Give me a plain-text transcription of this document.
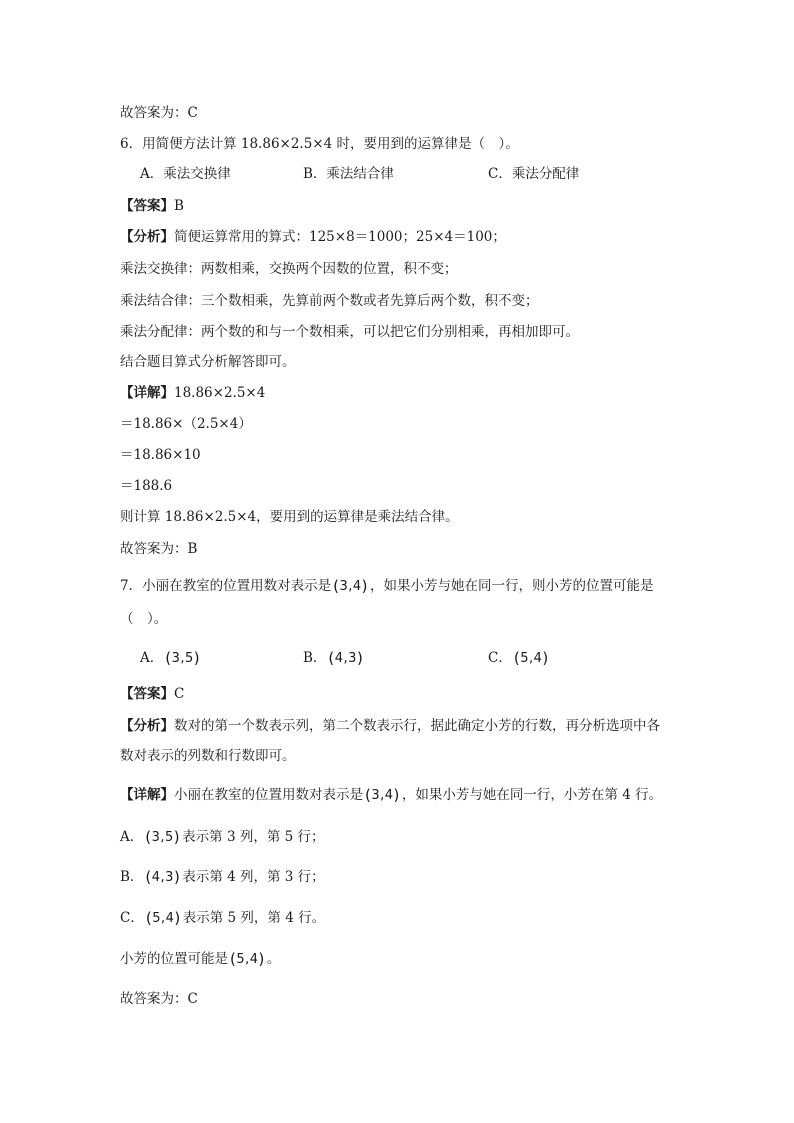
故答案为：C
6．用简便方法计算 18.86×2.5×4 时，要用到的运算律是（　）。
A．乘法交换律	B．乘法结合律	C．乘法分配律
【答案】B
【分析】简便运算常用的算式：125×8＝1000；25×4＝100；
乘法交换律：两数相乘，交换两个因数的位置，积不变；
乘法结合律：三个数相乘，先算前两个数或者先算后两个数，积不变；
乘法分配律：两个数的和与一个数相乘，可以把它们分别相乘，再相加即可。
结合题目算式分析解答即可。
【详解】18.86×2.5×4
＝18.86×（2.5×4）
＝18.86×10
＝188.6
则计算 18.86×2.5×4，要用到的运算律是乘法结合律。
故答案为：B
7．小丽在教室的位置用数对表示是 (3,4) ，如果小芳与她在同一行，则小芳的位置可能是
（　）。
A． (3,5)	B． (4,3)	C． (5,4)
【答案】C
【分析】数对的第一个数表示列，第二个数表示行，据此确定小芳的行数，再分析选项中各
数对表示的列数和行数即可。
【详解】小丽在教室的位置用数对表示是 (3,4) ，如果小芳与她在同一行，小芳在第 4 行。
A． (3,5) 表示第 3 列，第 5 行；
B． (4,3) 表示第 4 列，第 3 行；
C． (5,4) 表示第 5 列，第 4 行。
小芳的位置可能是 (5,4) 。
故答案为：C
